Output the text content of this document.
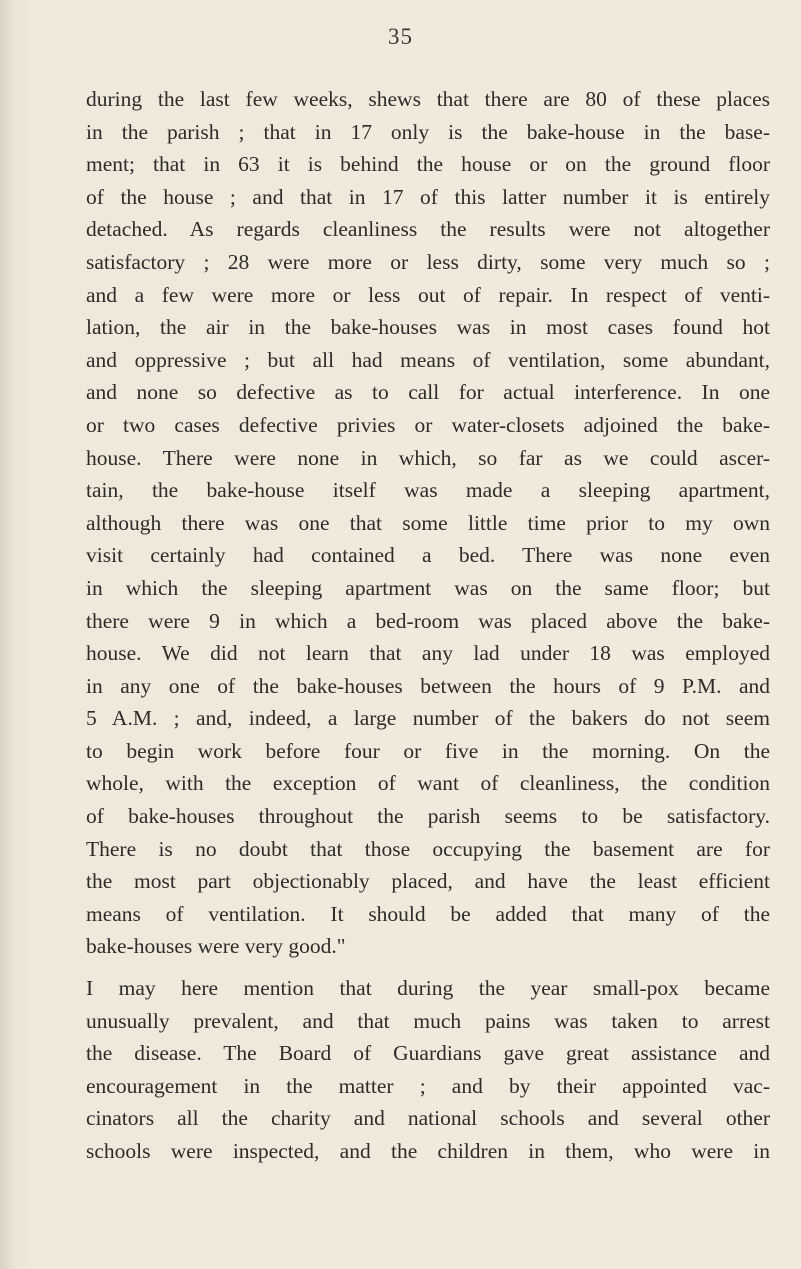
35
during the last few weeks, shews that there are 80 of these places
in the parish ; that in 17 only is the bake-house in the base-
ment; that in 63 it is behind the house or on the ground floor
of the house ; and that in 17 of this latter number it is entirely
detached. As regards cleanliness the results were not altogether
satisfactory ; 28 were more or less dirty, some very much so ;
and a few were more or less out of repair. In respect of venti-
lation, the air in the bake-houses was in most cases found hot
and oppressive ; but all had means of ventilation, some abundant,
and none so defective as to call for actual interference. In one
or two cases defective privies or water-closets adjoined the bake-
house. There were none in which, so far as we could ascer-
tain, the bake-house itself was made a sleeping apartment,
although there was one that some little time prior to my own
visit certainly had contained a bed. There was none even
in which the sleeping apartment was on the same floor; but
there were 9 in which a bed-room was placed above the bake-
house. We did not learn that any lad under 18 was employed
in any one of the bake-houses between the hours of 9 P.M. and
5 A.M. ; and, indeed, a large number of the bakers do not seem
to begin work before four or five in the morning. On the
whole, with the exception of want of cleanliness, the condition
of bake-houses throughout the parish seems to be satisfactory.
There is no doubt that those occupying the basement are for
the most part objectionably placed, and have the least efficient
means of ventilation. It should be added that many of the
bake-houses were very good."
I may here mention that during the year small-pox became
unusually prevalent, and that much pains was taken to arrest
the disease. The Board of Guardians gave great assistance and
encouragement in the matter ; and by their appointed vac-
cinators all the charity and national schools and several other
schools were inspected, and the children in them, who were in
